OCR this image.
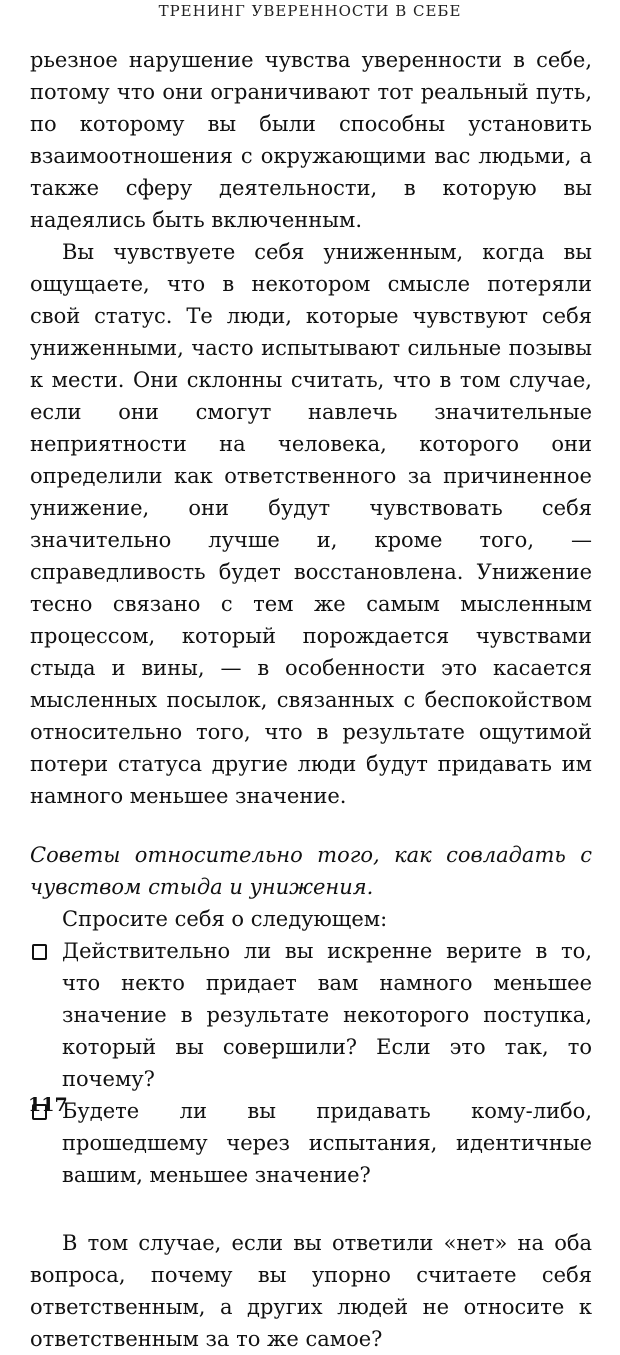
ТРЕНИНГ УВЕРЕННОСТИ В СЕБЕ

рьезное нарушение чувства уверенности в себе, потому что они ограничивают тот реальный путь, по которому вы были способны установить взаимоотношения с окружающими вас людьми, а также сферу деятельности, в которую вы надеялись быть включенным.

Вы чувствуете себя униженным, когда вы ощущаете, что в некотором смысле потеряли свой статус. Те люди, которые чувствуют себя униженными, часто испытывают сильные позывы к мести. Они склонны считать, что в том случае, если они смогут навлечь значительные неприятности на человека, которого они определили как ответственного за причиненное унижение, они будут чувствовать себя значительно лучше и, кроме того, — справедливость будет восстановлена. Унижение тесно связано с тем же самым мысленным процессом, который порождается чувствами стыда и вины, — в особенности это касается мысленных посылок, связанных с беспокойством относительно того, что в результате ощутимой потери статуса другие люди будут придавать им намного меньшее значение.

Советы относительно того, как совладать с чувством стыда и унижения.

Спросите себя о следующем:

Действительно ли вы искренне верите в то, что некто придает вам намного меньшее значение в результате некоторого поступка, который вы совершили? Если это так, то почему?
Будете ли вы придавать кому-либо, прошедшему через испытания, идентичные вашим, меньшее значение?

В том случае, если вы ответили «нет» на оба вопроса, почему вы упорно считаете себя ответственным, а других людей не относите к ответственным за то же самое?

117
